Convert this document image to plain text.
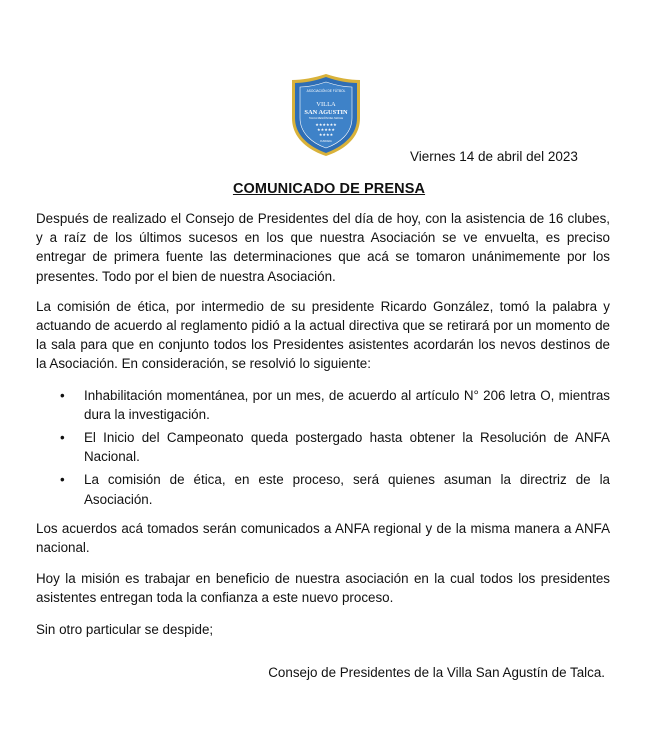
ASOCIACIÓN DE FÚTBOL
VILLA
SAN AGUSTIN
TALCA REGIÓN DEL MAULE
★★★★★★
★★★★★
★★★★
FUNDADA
Viernes 14 de abril del 2023
COMUNICADO DE PRENSA

Después de realizado el Consejo de Presidentes del día de hoy, con la asistencia de 16 clubes, y a raíz de los últimos sucesos en los que nuestra Asociación se ve envuelta, es preciso entregar de primera fuente las determinaciones que acá se tomaron unánimemente por los presentes. Todo por el bien de nuestra Asociación.

La comisión de ética, por intermedio de su presidente Ricardo González, tomó la palabra y actuando de acuerdo al reglamento pidió a la actual directiva que se retirará por un momento de la sala para que en conjunto todos los Presidentes asistentes acordarán los nevos destinos de la Asociación. En consideración, se resolvió lo siguiente:

• Inhabilitación momentánea, por un mes, de acuerdo al artículo N° 206 letra O, mientras dura la investigación.
• El Inicio del Campeonato queda postergado hasta obtener la Resolución de ANFA Nacional.
• La comisión de ética, en este proceso, será quienes asuman la directriz de la Asociación.

Los acuerdos acá tomados serán comunicados a ANFA regional y de la misma manera a ANFA nacional.

Hoy la misión es trabajar en beneficio de nuestra asociación en la cual todos los presidentes asistentes entregan toda la confianza a este nuevo proceso.

Sin otro particular se despide;

Consejo de Presidentes de la Villa San Agustín de Talca.
